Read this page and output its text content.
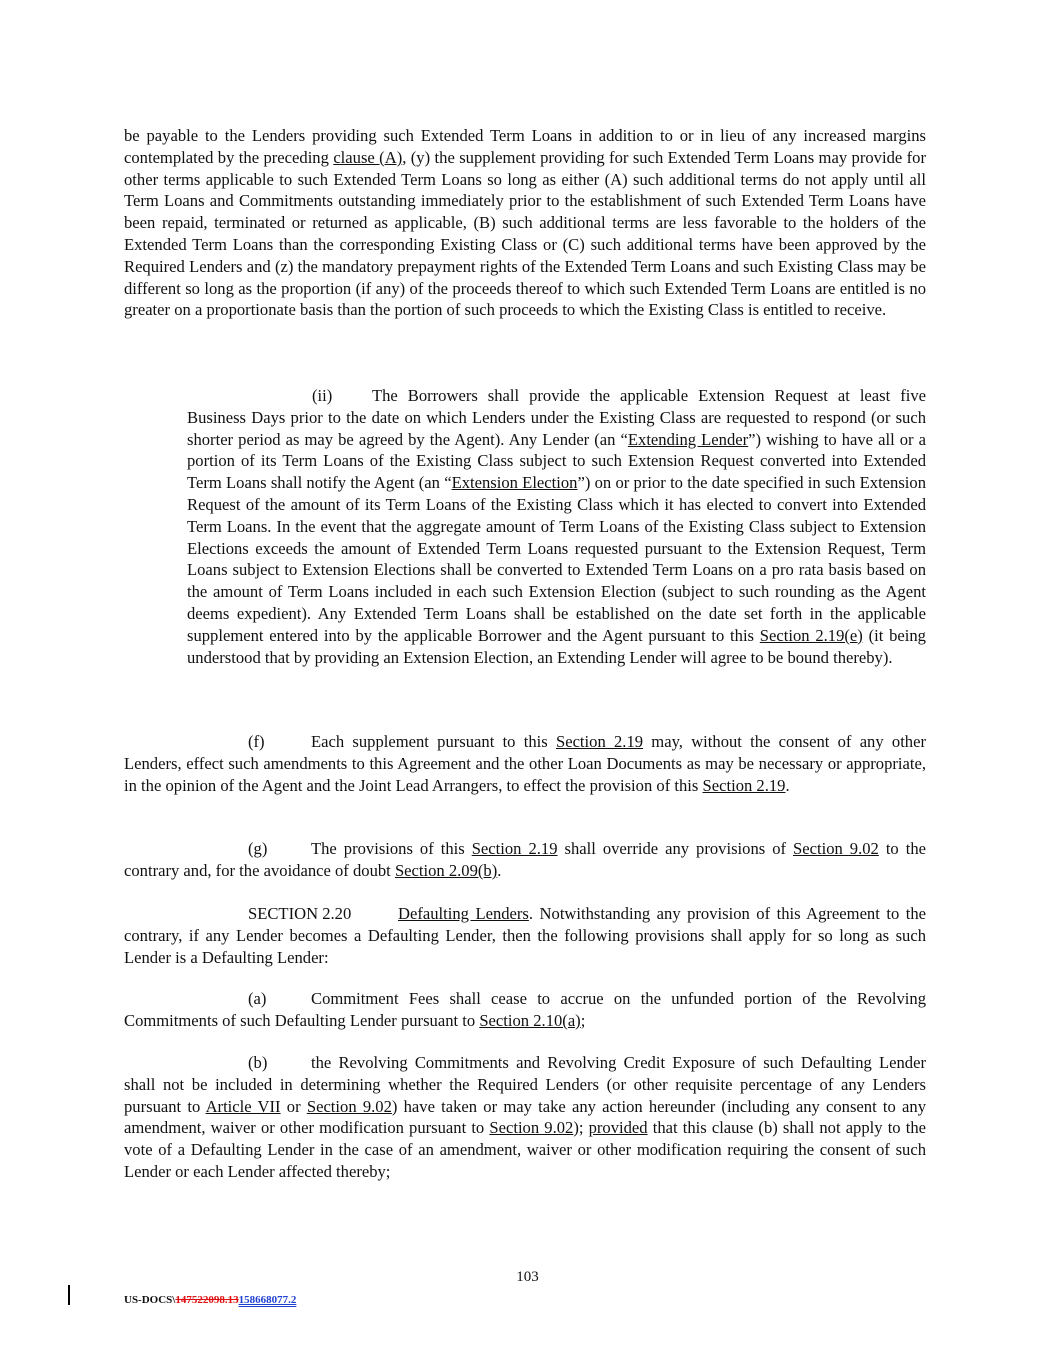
be payable to the Lenders providing such Extended Term Loans in addition to or in lieu of any increased margins contemplated by the preceding clause (A), (y) the supplement providing for such Extended Term Loans may provide for other terms applicable to such Extended Term Loans so long as either (A) such additional terms do not apply until all Term Loans and Commitments outstanding immediately prior to the establishment of such Extended Term Loans have been repaid, terminated or returned as applicable, (B) such additional terms are less favorable to the holders of the Extended Term Loans than the corresponding Existing Class or (C) such additional terms have been approved by the Required Lenders and (z) the mandatory prepayment rights of the Extended Term Loans and such Existing Class may be different so long as the proportion (if any) of the proceeds thereof to which such Extended Term Loans are entitled is no greater on a proportionate basis than the portion of such proceeds to which the Existing Class is entitled to receive.

(ii) The Borrowers shall provide the applicable Extension Request at least five Business Days prior to the date on which Lenders under the Existing Class are requested to respond (or such shorter period as may be agreed by the Agent). Any Lender (an “Extending Lender”) wishing to have all or a portion of its Term Loans of the Existing Class subject to such Extension Request converted into Extended Term Loans shall notify the Agent (an “Extension Election”) on or prior to the date specified in such Extension Request of the amount of its Term Loans of the Existing Class which it has elected to convert into Extended Term Loans. In the event that the aggregate amount of Term Loans of the Existing Class subject to Extension Elections exceeds the amount of Extended Term Loans requested pursuant to the Extension Request, Term Loans subject to Extension Elections shall be converted to Extended Term Loans on a pro rata basis based on the amount of Term Loans included in each such Extension Election (subject to such rounding as the Agent deems expedient). Any Extended Term Loans shall be established on the date set forth in the applicable supplement entered into by the applicable Borrower and the Agent pursuant to this Section 2.19(e) (it being understood that by providing an Extension Election, an Extending Lender will agree to be bound thereby).

(f)	Each supplement pursuant to this Section 2.19 may, without the consent of any other Lenders, effect such amendments to this Agreement and the other Loan Documents as may be necessary or appropriate, in the opinion of the Agent and the Joint Lead Arrangers, to effect the provision of this Section 2.19.

(g)	The provisions of this Section 2.19 shall override any provisions of Section 9.02 to the contrary and, for the avoidance of doubt Section 2.09(b).

SECTION 2.20	Defaulting Lenders. Notwithstanding any provision of this Agreement to the contrary, if any Lender becomes a Defaulting Lender, then the following provisions shall apply for so long as such Lender is a Defaulting Lender:

(a)	Commitment Fees shall cease to accrue on the unfunded portion of the Revolving Commitments of such Defaulting Lender pursuant to Section 2.10(a);

(b)	the Revolving Commitments and Revolving Credit Exposure of such Defaulting Lender shall not be included in determining whether the Required Lenders (or other requisite percentage of any Lenders pursuant to Article VII or Section 9.02) have taken or may take any action hereunder (including any consent to any amendment, waiver or other modification pursuant to Section 9.02); provided that this clause (b) shall not apply to the vote of a Defaulting Lender in the case of an amendment, waiver or other modification requiring the consent of such Lender or each Lender affected thereby;

103
US-DOCS\147522098.13158668077.2
